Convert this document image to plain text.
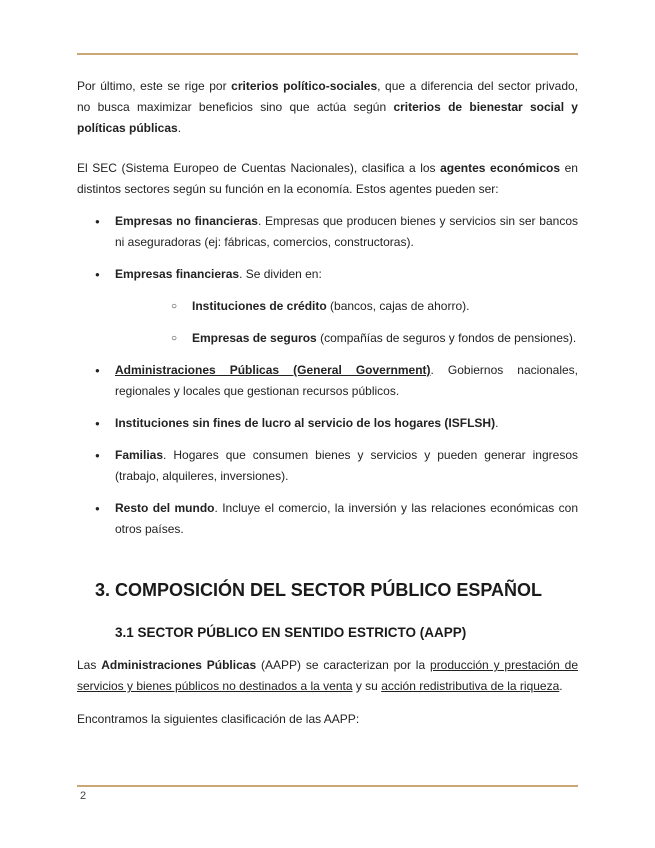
Por último, este se rige por criterios político-sociales, que a diferencia del sector privado, no busca maximizar beneficios sino que actúa según criterios de bienestar social y políticas públicas.

El SEC (Sistema Europeo de Cuentas Nacionales), clasifica a los agentes económicos en distintos sectores según su función en la economía. Estos agentes pueden ser:

● Empresas no financieras. Empresas que producen bienes y servicios sin ser bancos ni aseguradoras (ej: fábricas, comercios, constructoras).
● Empresas financieras. Se dividen en:
○ Instituciones de crédito (bancos, cajas de ahorro).
○ Empresas de seguros (compañías de seguros y fondos de pensiones).
● Administraciones Públicas (General Government). Gobiernos nacionales, regionales y locales que gestionan recursos públicos.
● Instituciones sin fines de lucro al servicio de los hogares (ISFLSH).
● Familias. Hogares que consumen bienes y servicios y pueden generar ingresos (trabajo, alquileres, inversiones).
● Resto del mundo. Incluye el comercio, la inversión y las relaciones económicas con otros países.
3. COMPOSICIÓN DEL SECTOR PÚBLICO ESPAÑOL
3.1 SECTOR PÚBLICO EN SENTIDO ESTRICTO (AAPP)

Las Administraciones Públicas (AAPP) se caracterizan por la producción y prestación de servicios y bienes públicos no destinados a la venta y su acción redistributiva de la riqueza.

Encontramos la siguientes clasificación de las AAPP:

2
